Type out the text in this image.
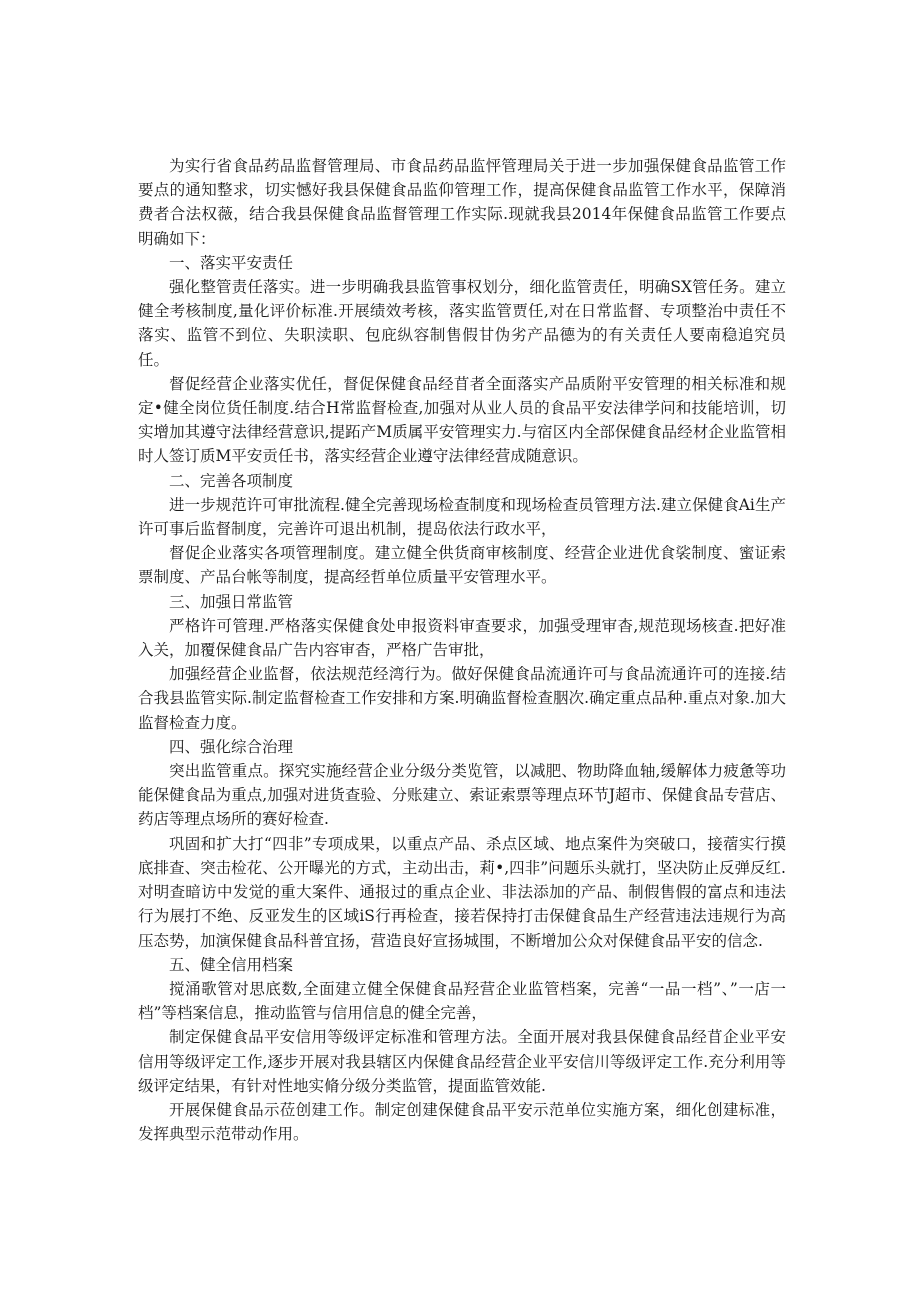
为实行省食品药品监督管理局、市食品药品监怦管理局关于进一步加强保健食品监管工作要点的通知整求，切实憾好我县保健食品监仰管理工作，提高保健食品监管工作水平，保障消费者合法权薇，结合我县保健食品监督管理工作实际.现就我县2014年保健食品监管工作要点明确如下：

一、落实平安责任

强化整管责任落实。进一步明确我县监管事权划分，细化监管责任，明确SX管任务。建立健全考核制度,量化评价标准.开展绩效考核，落实监管贾任,对在日常监督、专项整治中责任不落实、监管不到位、失职渎职、包庇纵容制售假甘伪劣产品德为的有关责任人要南稳追究员任。

督促经营企业落实优任，督促保健食品经苜者全面落实产品质附平安管理的相关标准和规定•健全岗位货任制度.结合H常监督检查,加强对从业人员的食品平安法律学问和技能培训，切实增加其遵守法律经营意识,提跖产M质属平安管理实力.与宿区内全部保健食品经材企业监管相时人签订质M平安贡任书，落实经营企业遵守法律经营成随意识。

二、完善各项制度

进一步规范许可审批流程.健全完善现场检查制度和现场检查员管理方法.建立保健食Ai生产许可事后监督制度，完善许可退出机制，提岛依法行政水平，

督促企业落实各项管理制度。建立健全供货商审核制度、经营企业进优食裟制度、蜜证索票制度、产品台帐等制度，提高经哲单位质量平安管理水平。

三、加强日常监管

严格许可管理.严格落实保健食处申报资料审查要求，加强受理审杳,规范现场核查.把好准入关，加覆保健食品广告内容审杳，严格广告审批，

加强经营企业监督，依法规范经湾行为。做好保健食品流通许可与食品流通许可的连接.结合我县监管实际.制定监督检查工作安排和方案.明确监督检查胭次.确定重点品种.重点对象.加大监督检查力度。

四、强化综合治理

突出监管重点。探究实施经营企业分级分类览管，以减肥、物助降血轴,缓解体力疲惫等功能保健食品为重点,加强对进货查验、分账建立、索证索票等理点环节J超市、保健食品专营店、药店等理点场所的赛好检查.

巩固和扩大打“四非”专项成果，以重点产品、杀点区域、地点案件为突破口，接蓿实行摸底排查、突击检花、公开曝光的方式，主动出击，莉•,四非”问题乐头就打，坚决防止反弹反红.对明查暗访中发觉的重大案件、通报过的重点企业、非法添加的产品、制假售假的富点和违法行为展打不绝、反亚发生的区域iS行再检查，接若保持打击保健食品生产经营违法违规行为高压态势，加演保健食品科普宜扬，营造良好宣扬城围，不断增加公众对保健食品平安的信念.

五、健全信用档案

搅涌歌管对思底数,全面建立健全保健食品羟营企业监管档案，完善“一品一档”、”一店一档”等档案信息，推动监管与信用信息的健全完善，

制定保健食品平安信用等级评定标准和管理方法。全面开展对我县保健食品经苜企业平安信用等级评定工作,逐步开展对我县辖区内保健食品经营企业平安信川等级评定工作.充分利用等级评定结果，有针对性地实脩分级分类监管，提面监管效能.

开展保健食品示莅创建工作。制定创建保健食品平安示范单位实施方案，细化创建标准，发挥典型示范带动作用。
